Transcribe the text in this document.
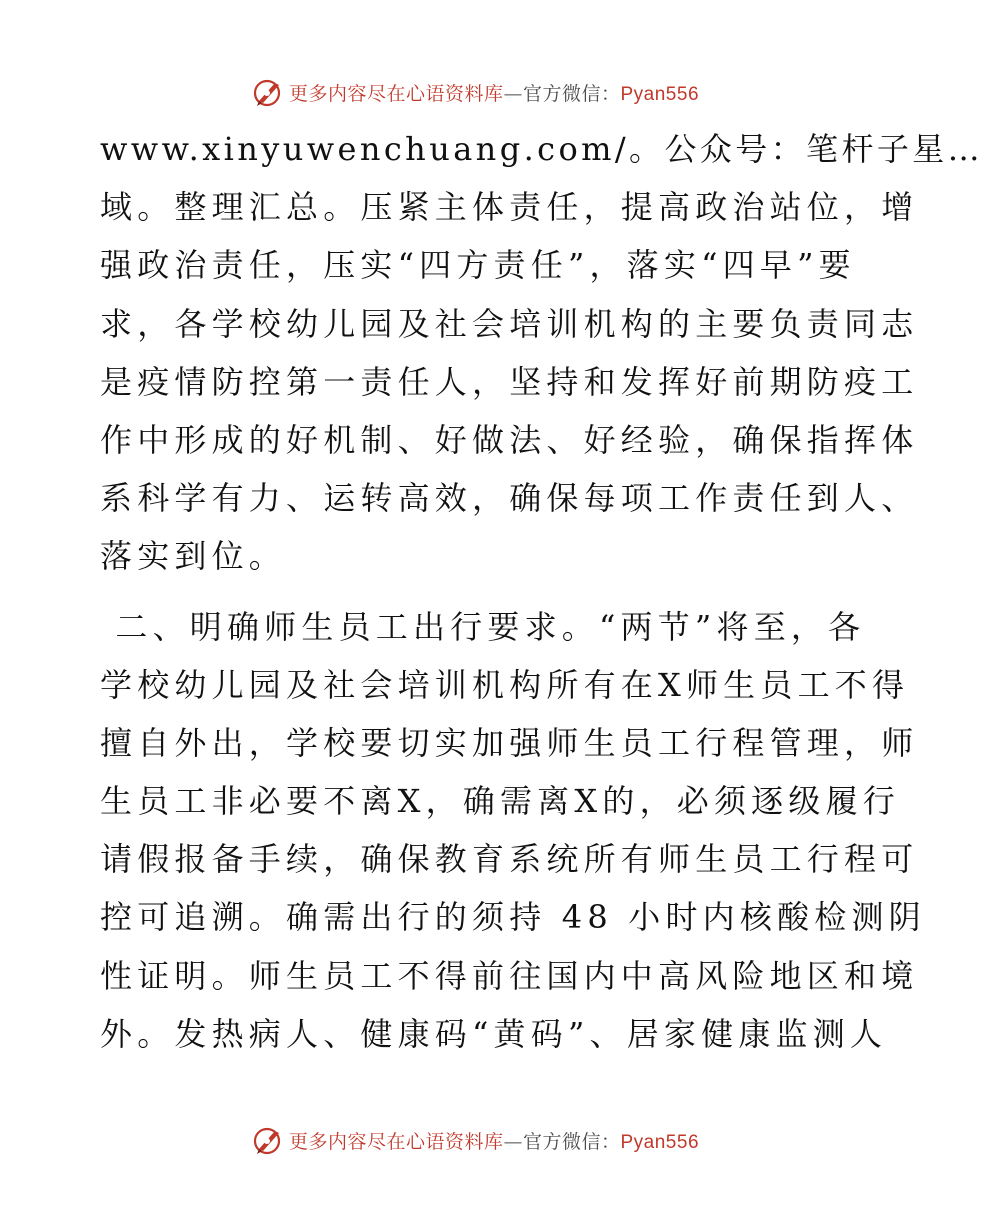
更多内容尽在心语资料库—官方微信：Pyan556
www.xinyuwenchuang.com/。公众号：笔杆子星…
域。整理汇总。压紧主体责任，提高政治站位，增
强政治责任，压实“四方责任”，落实“四早”要
求，各学校幼儿园及社会培训机构的主要负责同志
是疫情防控第一责任人，坚持和发挥好前期防疫工
作中形成的好机制、好做法、好经验，确保指挥体
系科学有力、运转高效，确保每项工作责任到人、
落实到位。
二、明确师生员工出行要求。“两节”将至，各
学校幼儿园及社会培训机构所有在X师生员工不得
擅自外出，学校要切实加强师生员工行程管理，师
生员工非必要不离X，确需离X的，必须逐级履行
请假报备手续，确保教育系统所有师生员工行程可
控可追溯。确需出行的须持 48 小时内核酸检测阴
性证明。师生员工不得前往国内中高风险地区和境
外。发热病人、健康码“黄码”、居家健康监测人
更多内容尽在心语资料库—官方微信：Pyan556
